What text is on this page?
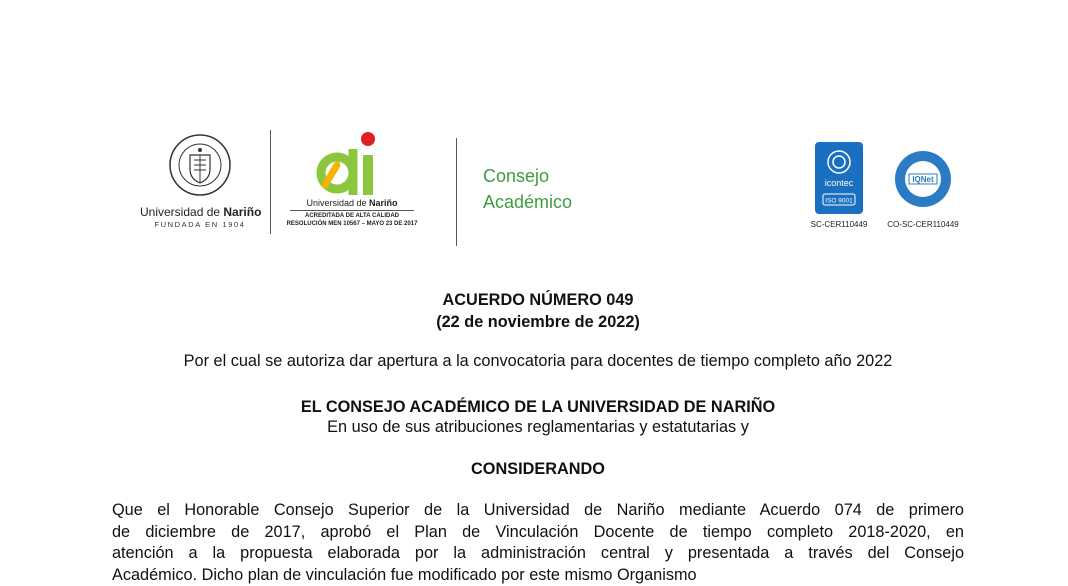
Universidad de Nariño
FUNDADA EN 1904
Universidad de Nariño
ACREDITADA DE ALTA CALIDAD
RESOLUCIÓN MEN 10567 – MAYO 23 DE 2017
Consejo
Académico
icontec
ISO 9001
SC-CER110449
IQNet
CO-SC-CER110449
ACUERDO NÚMERO 049
(22 de noviembre de 2022)
Por el cual se autoriza dar apertura a la convocatoria para docentes de tiempo completo año 2022
EL CONSEJO ACADÉMICO DE LA UNIVERSIDAD DE NARIÑO
En uso de sus atribuciones reglamentarias y estatutarias y
CONSIDERANDO
Que el Honorable Consejo Superior de la Universidad de Nariño mediante Acuerdo 074 de primero
de diciembre de 2017, aprobó el Plan de Vinculación Docente de tiempo completo 2018-2020, en
atención a la propuesta elaborada por la administración central y presentada a través del Consejo
Académico. Dicho plan de vinculación fue modificado por este mismo Organismo
